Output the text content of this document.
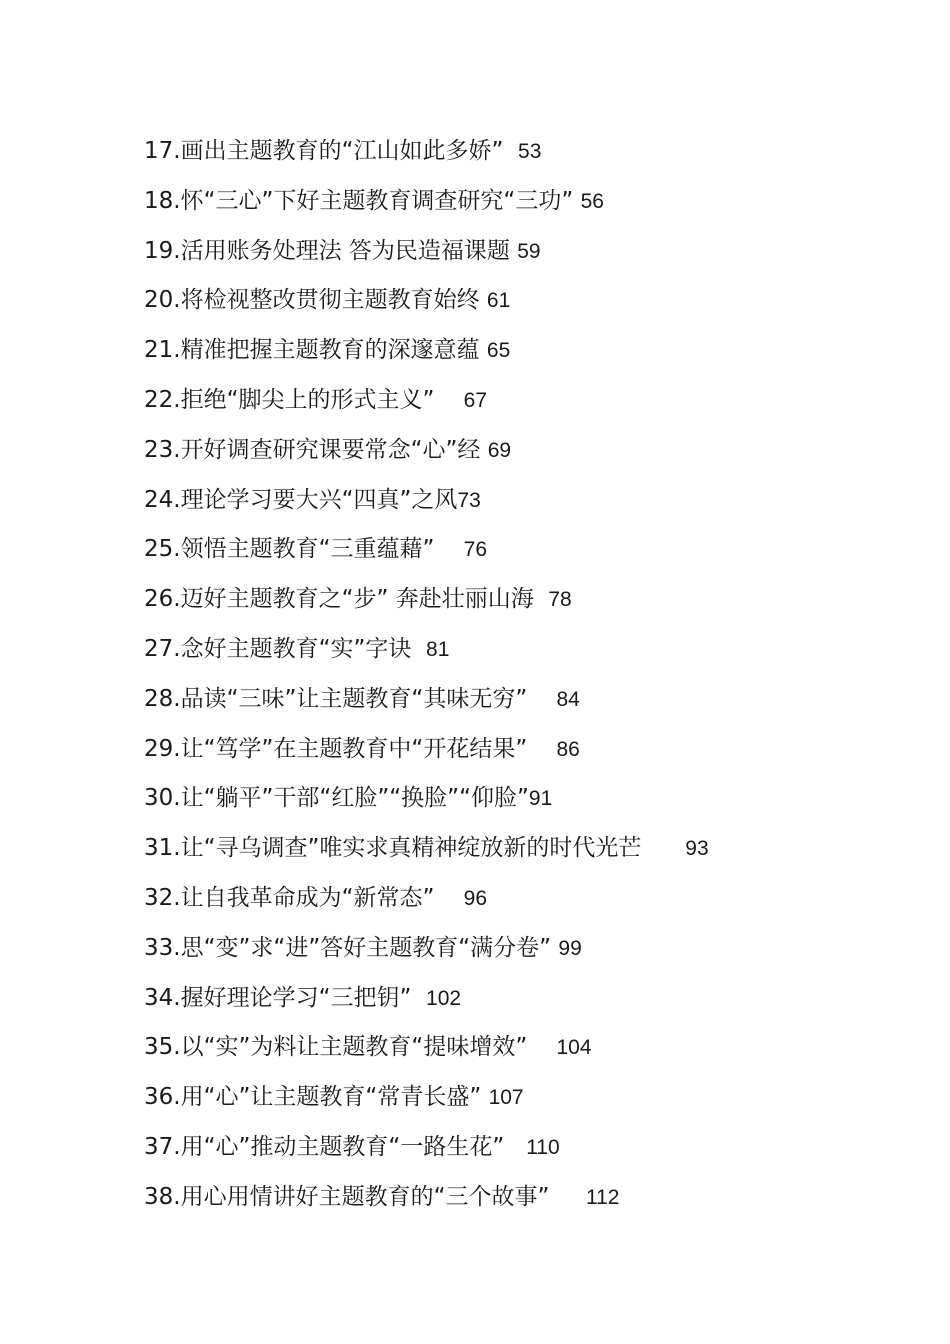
17.画出主题教育的“江山如此多娇” 53
18.怀“三心”下好主题教育调查研究“三功” 56
19.活用账务处理法 答为民造福课题 59
20.将检视整改贯彻主题教育始终 61
21.精准把握主题教育的深邃意蕴 65
22.拒绝“脚尖上的形式主义” 67
23.开好调查研究课要常念“心”经 69
24.理论学习要大兴“四真”之风73
25.领悟主题教育“三重蕴藉” 76
26.迈好主题教育之“步” 奔赴壮丽山海 78
27.念好主题教育“实”字诀 81
28.品读“三味”让主题教育“其味无穷” 84
29.让“笃学”在主题教育中“开花结果” 86
30.让“躺平”干部“红脸”“换脸”“仰脸”91
31.让“寻乌调查”唯实求真精神绽放新的时代光芒 93
32.让自我革命成为“新常态” 96
33.思“变”求“进”答好主题教育“满分卷” 99
34.握好理论学习“三把钥” 102
35.以“实”为料让主题教育“提味增效” 104
36.用“心”让主题教育“常青长盛” 107
37.用“心”推动主题教育“一路生花” 110
38.用心用情讲好主题教育的“三个故事” 112
